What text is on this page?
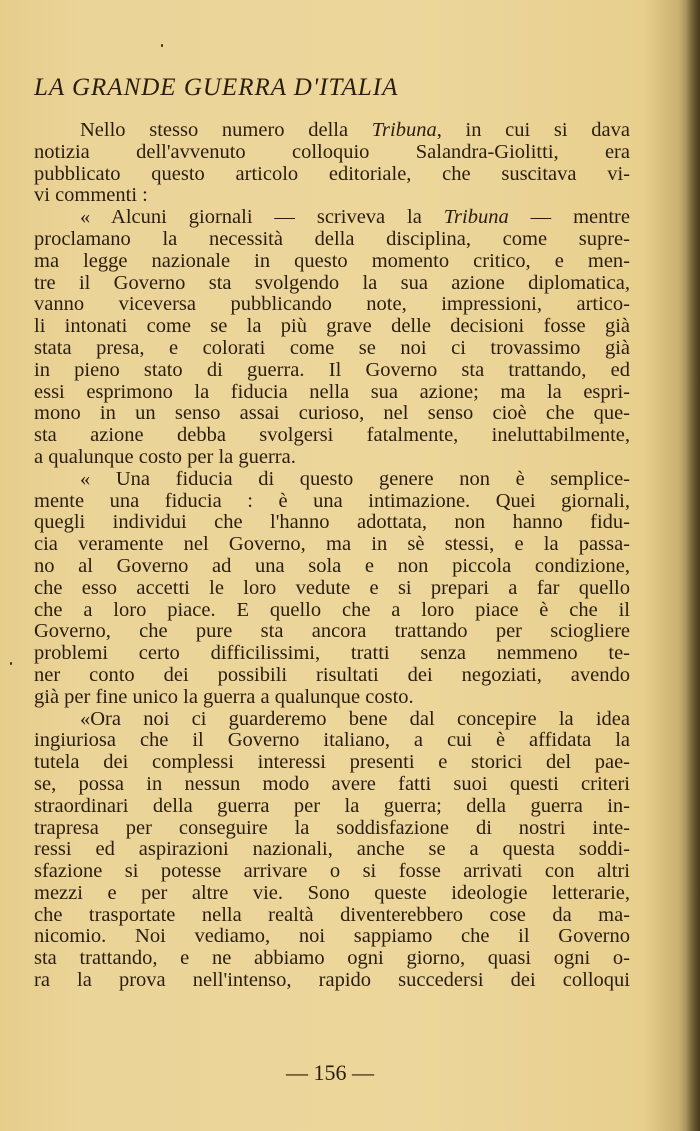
LA GRANDE GUERRA D'ITALIA
Nello stesso numero della Tribuna, in cui si dava
notizia dell'avvenuto colloquio Salandra-Giolitti, era
pubblicato questo articolo editoriale, che suscitava vi-
vi commenti :
« Alcuni giornali — scriveva la Tribuna — mentre
proclamano la necessità della disciplina, come supre-
ma legge nazionale in questo momento critico, e men-
tre il Governo sta svolgendo la sua azione diplomatica,
vanno viceversa pubblicando note, impressioni, artico-
li intonati come se la più grave delle decisioni fosse già
stata presa, e colorati come se noi ci trovassimo già
in pieno stato di guerra. Il Governo sta trattando, ed
essi esprimono la fiducia nella sua azione; ma la espri-
mono in un senso assai curioso, nel senso cioè che que-
sta azione debba svolgersi fatalmente, ineluttabilmente,
a qualunque costo per la guerra.
« Una fiducia di questo genere non è semplice-
mente una fiducia : è una intimazione. Quei giornali,
quegli individui che l'hanno adottata, non hanno fidu-
cia veramente nel Governo, ma in sè stessi, e la passa-
no al Governo ad una sola e non piccola condizione,
che esso accetti le loro vedute e si prepari a far quello
che a loro piace. E quello che a loro piace è che il
Governo, che pure sta ancora trattando per sciogliere
problemi certo difficilissimi, tratti senza nemmeno te-
ner conto dei possibili risultati dei negoziati, avendo
già per fine unico la guerra a qualunque costo.
«Ora noi ci guarderemo bene dal concepire la idea
ingiuriosa che il Governo italiano, a cui è affidata la
tutela dei complessi interessi presenti e storici del pae-
se, possa in nessun modo avere fatti suoi questi criteri
straordinari della guerra per la guerra; della guerra in-
trapresa per conseguire la soddisfazione di nostri inte-
ressi ed aspirazioni nazionali, anche se a questa soddi-
sfazione si potesse arrivare o si fosse arrivati con altri
mezzi e per altre vie. Sono queste ideologie letterarie,
che trasportate nella realtà diventerebbero cose da ma-
nicomio. Noi vediamo, noi sappiamo che il Governo
sta trattando, e ne abbiamo ogni giorno, quasi ogni o-
ra la prova nell'intenso, rapido succedersi dei colloqui
— 156 —
